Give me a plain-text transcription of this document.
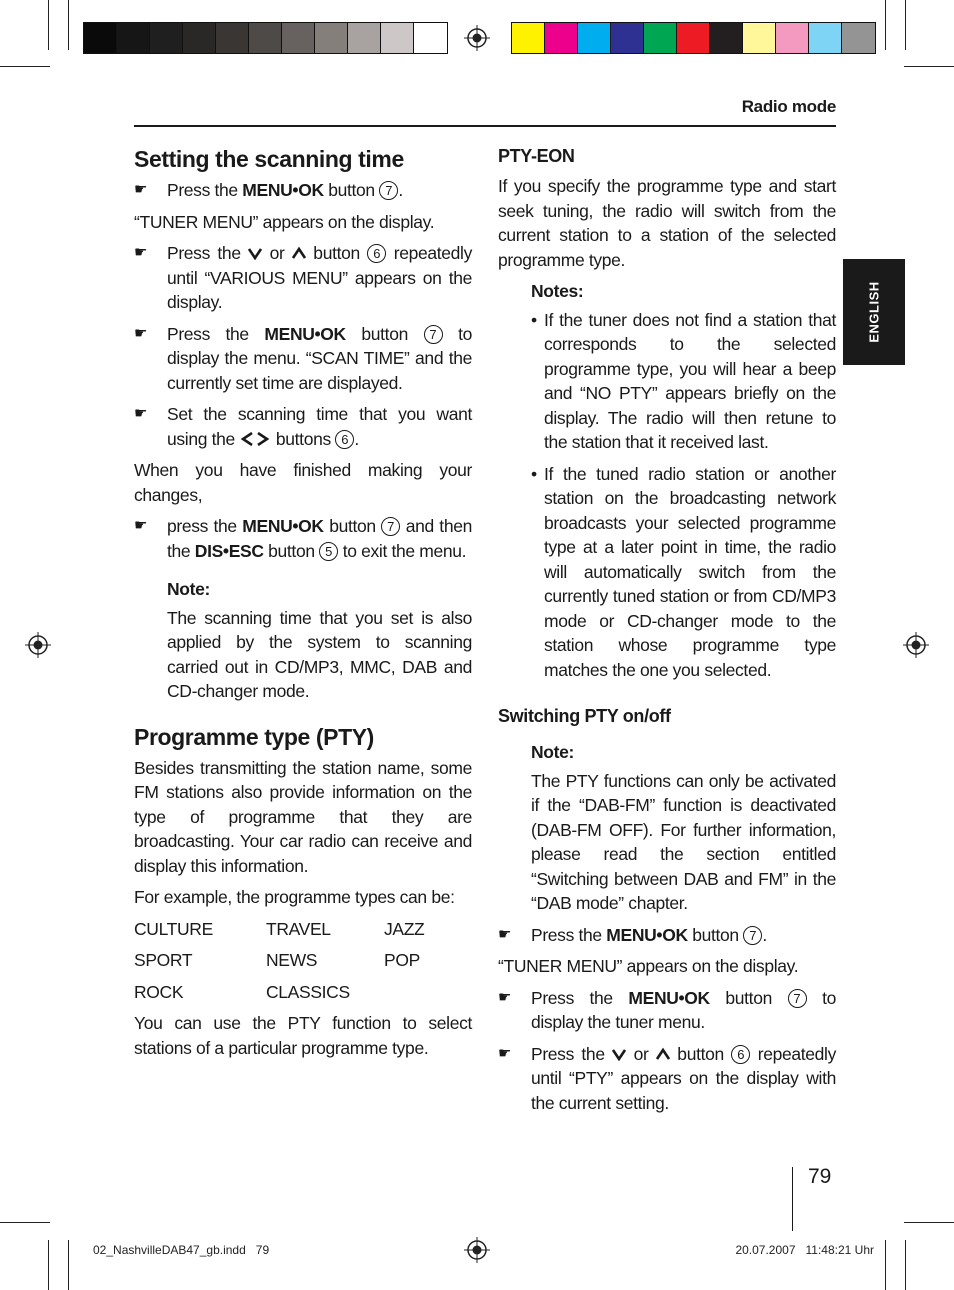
Radio mode
ENGLISH
Setting the scanning time
☛	Press the MENU•OK button 7 .

“TUNER MENU” appears on the display.

☛	Press the  or  button 6 repeatedly until “VARIOUS MENU” appears on the display.
☛	Press the MENU•OK button 7 to display the menu. “SCAN TIME” and the currently set time are displayed.
☛	Set the scanning time that you want using the  buttons 6 .

When you have finished making your changes,

☛	press the MENU•OK button 7 and then the DIS•ESC button 5 to exit the menu.
Note:

The scanning time that you set is also applied by the system to scanning carried out in CD/MP3, MMC, DAB and CD-changer mode.

Programme type (PTY)

Besides transmitting the station name, some FM stations also provide information on the type of programme that they are broadcasting. Your car radio can receive and display this information.

For example, the programme types can be:

CULTURE	TRAVEL	JAZZ
SPORT	NEWS	POP
ROCK	CLASSICS

You can use the PTY function to select stations of a particular programme type.

PTY-EON

If you specify the programme type and start seek tuning, the radio will switch from the current station to a station of the selected programme type.

Notes:
• If the tuner does not find a station that corresponds to the selected programme type, you will hear a beep and “NO PTY” appears briefly on the display. The radio will then retune to the station that it received last.
• If the tuned radio station or another station on the broadcasting network broadcasts your selected programme type at a later point in time, the radio will automatically switch from the currently tuned station or from CD/MP3 mode or CD-changer mode to the station whose programme type matches the one you selected.
Switching PTY on/off
Note:

The PTY functions can only be activated if the “DAB-FM” function is deactivated (DAB-FM OFF). For further information, please read the section entitled “Switching between DAB and FM” in the “DAB mode” chapter.

☛	Press the MENU•OK button 7 .

“TUNER MENU” appears on the display.

☛	Press the MENU•OK button 7 to display the tuner menu.
☛	Press the  or  button 6 repeatedly until “PTY” appears on the display with the current setting.
79
02_NashvilleDAB47_gb.indd   79	20.07.2007   11:48:21 Uhr
